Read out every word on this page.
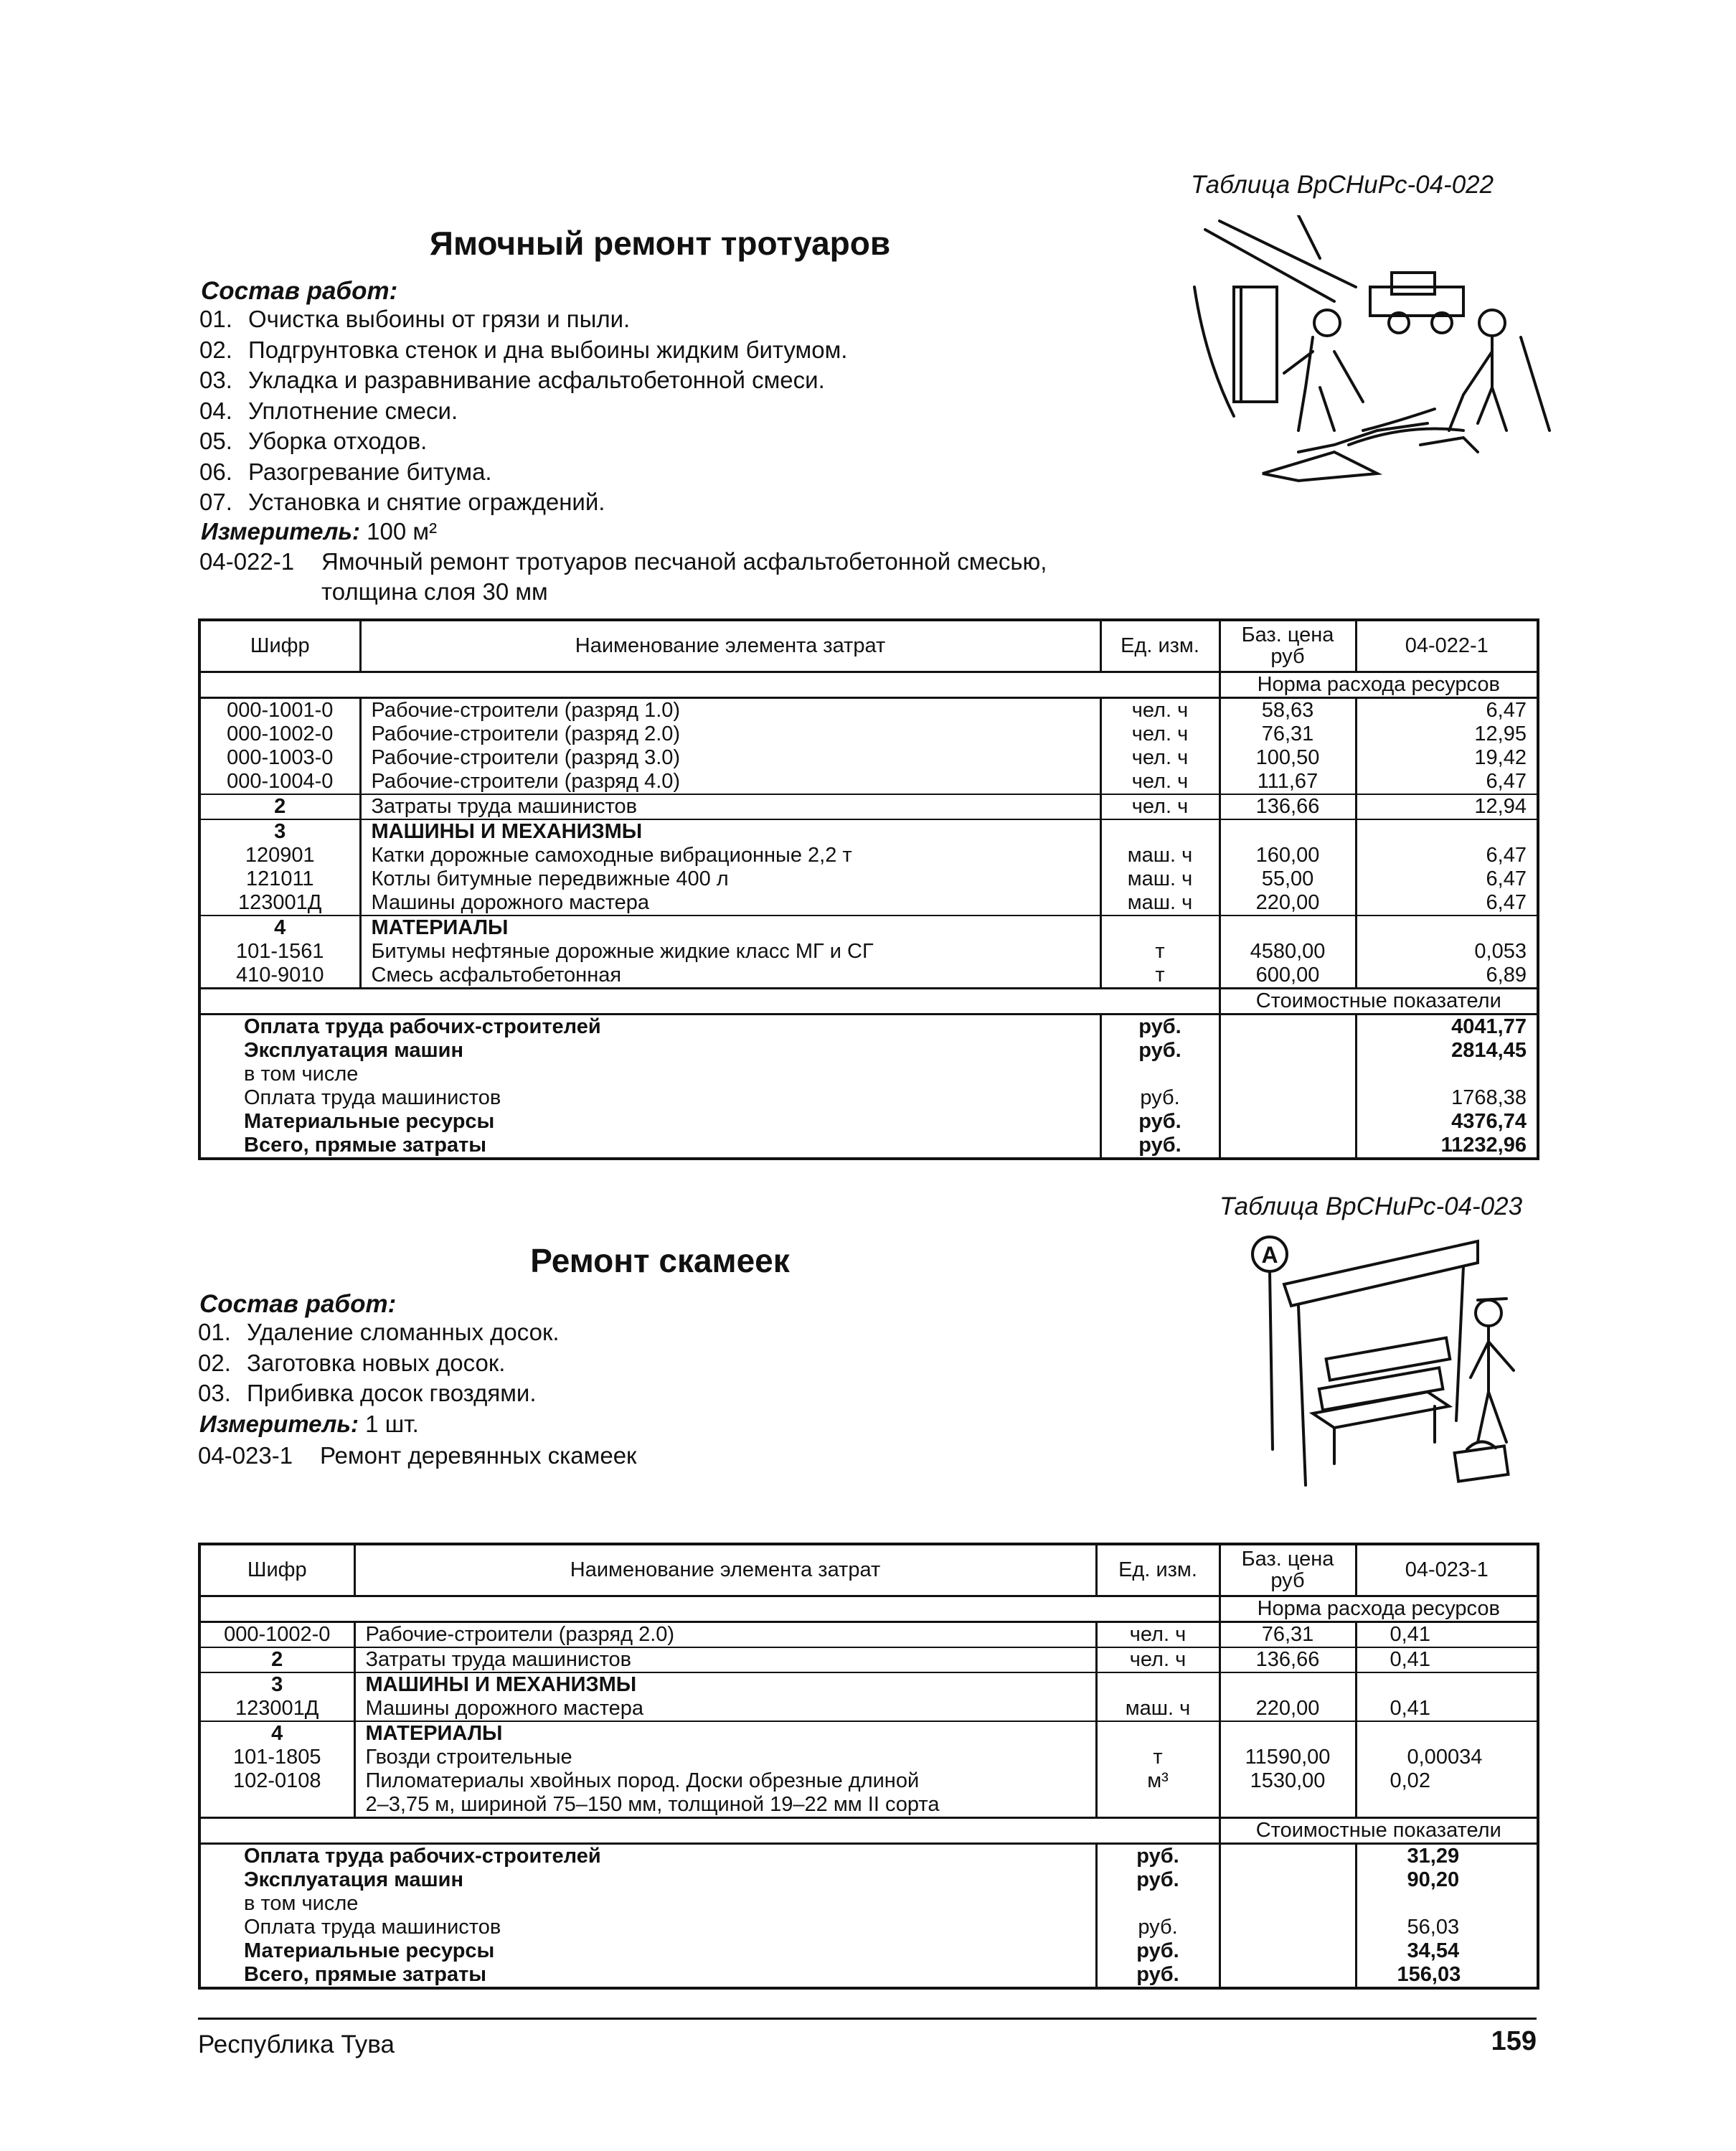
Таблица ВрСНиРс-04-022
Ямочный ремонт тротуаров
Состав работ:
01. Очистка выбоины от грязи и пыли.
02. Подгрунтовка стенок и дна выбоины жидким битумом.
03. Укладка и разравнивание асфальтобетонной смеси.
04. Уплотнение смеси.
05. Уборка отходов.
06. Разогревание битума.
07. Установка и снятие ограждений.
Измеритель: 100 м²
04-022-1 Ямочный ремонт тротуаров песчаной асфальтобетонной смесью,
толщина слоя 30 мм
Шифр	Наименование элемента затрат	Ед. изм.	Баз. цена
руб	04-022-1
			Норма расхода ресурсов	
000-1001-0	Рабочие-строители (разряд 1.0)	чел. ч	58,63	6,47
000-1002-0	Рабочие-строители (разряд 2.0)	чел. ч	76,31	12,95
000-1003-0	Рабочие-строители (разряд 3.0)	чел. ч	100,50	19,42
000-1004-0	Рабочие-строители (разряд 4.0)	чел. ч	111,67	6,47
2	Затраты труда машинистов	чел. ч	136,66	12,94
3	МАШИНЫ И МЕХАНИЗМЫ			
120901	Катки дорожные самоходные вибрационные 2,2 т	маш. ч	160,00	6,47
121011	Котлы битумные передвижные 400 л	маш. ч	55,00	6,47
123001Д	Машины дорожного мастера	маш. ч	220,00	6,47
4	МАТЕРИАЛЫ			
101-1561	Битумы нефтяные дорожные жидкие класс МГ и СГ	т	4580,00	0,053
410-9010	Смесь асфальтобетонная	т	600,00	6,89
			Стоимостные показатели	
Оплата труда рабочих-строителей		руб.		4041,77
Эксплуатация машин		руб.		2814,45
в том числе				
Оплата труда машинистов		руб.		1768,38
Материальные ресурсы		руб.		4376,74
Всего, прямые затраты		руб.		11232,96
Таблица ВрСНиРс-04-023
Ремонт скамеек
Состав работ:
01. Удаление сломанных досок.
02. Заготовка новых досок.
03. Прибивка досок гвоздями.
Измеритель: 1 шт.
04-023-1 Ремонт деревянных скамеек
A
Шифр	Наименование элемента затрат	Ед. изм.	Баз. цена
руб	04-023-1
			Норма расхода ресурсов	
000-1002-0	Рабочие-строители (разряд 2.0)	чел. ч	76,31	0,41
2	Затраты труда машинистов	чел. ч	136,66	0,41
3	МАШИНЫ И МЕХАНИЗМЫ			
123001Д	Машины дорожного мастера	маш. ч	220,00	0,41
4	МАТЕРИАЛЫ			
101-1805	Гвозди строительные	т	11590,00	0,00034
102-0108	Пиломатериалы хвойных пород. Доски обрезные длиной
2–3,75 м, шириной 75–150 мм, толщиной 19–22 мм II сорта	м³	1530,00	0,02
			Стоимостные показатели	
Оплата труда рабочих-строителей		руб.		31,29
Эксплуатация машин		руб.		90,20
в том числе				
Оплата труда машинистов		руб.		56,03
Материальные ресурсы		руб.		34,54
Всего, прямые затраты		руб.		156,03
Республика Тува	159
